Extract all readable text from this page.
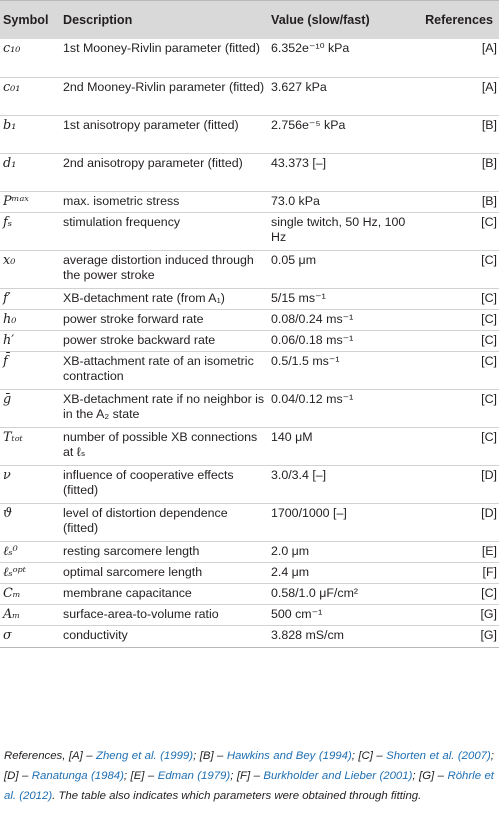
Symbol	Description	Value (slow/fast)	References
c₁₀	1st Mooney-Rivlin parameter (fitted)	6.352e⁻¹⁰ kPa	[A]
c₀₁	2nd Mooney-Rivlin parameter (fitted)	3.627 kPa	[A]
b₁	1st anisotropy parameter (fitted)	2.756e⁻⁵ kPa	[B]
d₁	2nd anisotropy parameter (fitted)	43.373 [–]	[B]
Pᵐᵃˣ	max. isometric stress	73.0 kPa	[B]
fₛ	stimulation frequency	single twitch, 50 Hz, 100 Hz	[C]
x₀	average distortion induced through the power stroke	0.05 μm	[C]
f′	XB-detachment rate (from A₁)	5/15 ms⁻¹	[C]
h₀	power stroke forward rate	0.08/0.24 ms⁻¹	[C]
h′	power stroke backward rate	0.06/0.18 ms⁻¹	[C]
f̄	XB-attachment rate of an isometric contraction	0.5/1.5 ms⁻¹	[C]
ḡ	XB-detachment rate if no neighbor is in the A₂ state	0.04/0.12 ms⁻¹	[C]
Tₜₒₜ	number of possible XB connections at ℓₛ	140 μM	[C]
ν	influence of cooperative effects (fitted)	3.0/3.4 [–]	[D]
ϑ	level of distortion dependence (fitted)	1700/1000 [–]	[D]
ℓₛ⁰	resting sarcomere length	2.0 μm	[E]
ℓₛᵒᵖᵗ	optimal sarcomere length	2.4 μm	[F]
Cₘ	membrane capacitance	0.58/1.0 μF/cm²	[C]
Aₘ	surface-area-to-volume ratio	500 cm⁻¹	[G]
σ	conductivity	3.828 mS/cm	[G]

References, [A] – Zheng et al. (1999); [B] – Hawkins and Bey (1994); [C] – Shorten et al. (2007); [D] – Ranatunga (1984); [E] – Edman (1979); [F] – Burkholder and Lieber (2001); [G] – Röhrle et al. (2012). The table also indicates which parameters were obtained through fitting.
